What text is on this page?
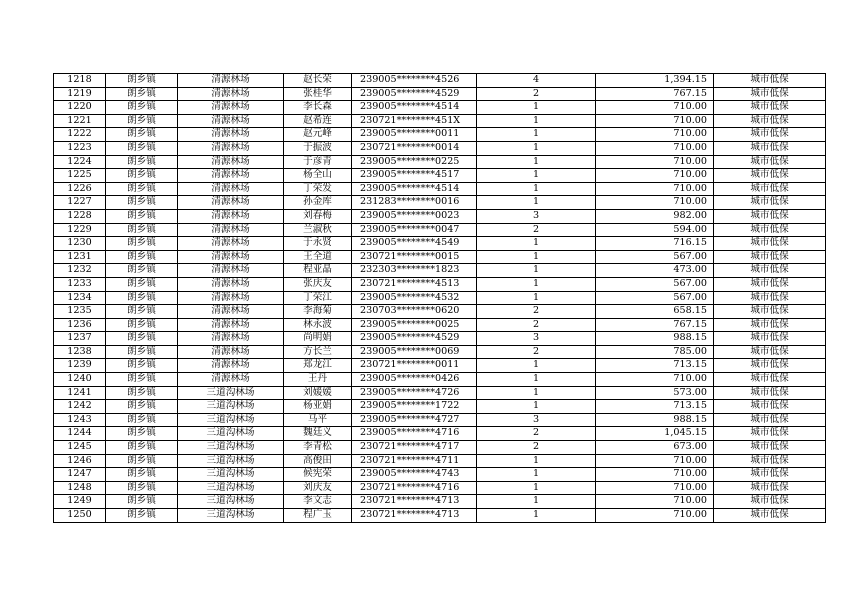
1218	朗乡镇	清源林场	赵长荣	239005********4526	4	1,394.15	城市低保
1219	朗乡镇	清源林场	张桂华	239005********4529	2	767.15	城市低保
1220	朗乡镇	清源林场	李长森	239005********4514	1	710.00	城市低保
1221	朗乡镇	清源林场	赵希连	230721********451X	1	710.00	城市低保
1222	朗乡镇	清源林场	赵元峰	239005********0011	1	710.00	城市低保
1223	朗乡镇	清源林场	于振波	230721********0014	1	710.00	城市低保
1224	朗乡镇	清源林场	于彦青	239005********0225	1	710.00	城市低保
1225	朗乡镇	清源林场	杨全山	239005********4517	1	710.00	城市低保
1226	朗乡镇	清源林场	丁荣发	239005********4514	1	710.00	城市低保
1227	朗乡镇	清源林场	孙金库	231283********0016	1	710.00	城市低保
1228	朗乡镇	清源林场	刘春梅	239005********0023	3	982.00	城市低保
1229	朗乡镇	清源林场	兰淑秋	239005********0047	2	594.00	城市低保
1230	朗乡镇	清源林场	于永贤	239005********4549	1	716.15	城市低保
1231	朗乡镇	清源林场	王全道	230721********0015	1	567.00	城市低保
1232	朗乡镇	清源林场	程亚晶	232303********1823	1	473.00	城市低保
1233	朗乡镇	清源林场	张庆友	230721********4513	1	567.00	城市低保
1234	朗乡镇	清源林场	丁荣江	239005********4532	1	567.00	城市低保
1235	朗乡镇	清源林场	李海菊	230703********0620	2	658.15	城市低保
1236	朗乡镇	清源林场	林永波	239005********0025	2	767.15	城市低保
1237	朗乡镇	清源林场	尚明娟	239005********4529	3	988.15	城市低保
1238	朗乡镇	清源林场	方长兰	239005********0069	2	785.00	城市低保
1239	朗乡镇	清源林场	郑龙江	230721********0011	1	713.15	城市低保
1240	朗乡镇	清源林场	王丹	239005********0426	1	710.00	城市低保
1241	朗乡镇	三道沟林场	刘媛媛	239005********4726	1	573.00	城市低保
1242	朗乡镇	三道沟林场	杨亚娟	239005********1722	1	713.15	城市低保
1243	朗乡镇	三道沟林场	马平	239005********4727	3	988.15	城市低保
1244	朗乡镇	三道沟林场	魏廷义	239005********4716	2	1,045.15	城市低保
1245	朗乡镇	三道沟林场	李青松	230721********4717	2	673.00	城市低保
1246	朗乡镇	三道沟林场	高俊田	230721********4711	1	710.00	城市低保
1247	朗乡镇	三道沟林场	候宪荣	239005********4743	1	710.00	城市低保
1248	朗乡镇	三道沟林场	刘庆友	230721********4716	1	710.00	城市低保
1249	朗乡镇	三道沟林场	李文志	230721********4713	1	710.00	城市低保
1250	朗乡镇	三道沟林场	程广玉	230721********4713	1	710.00	城市低保
